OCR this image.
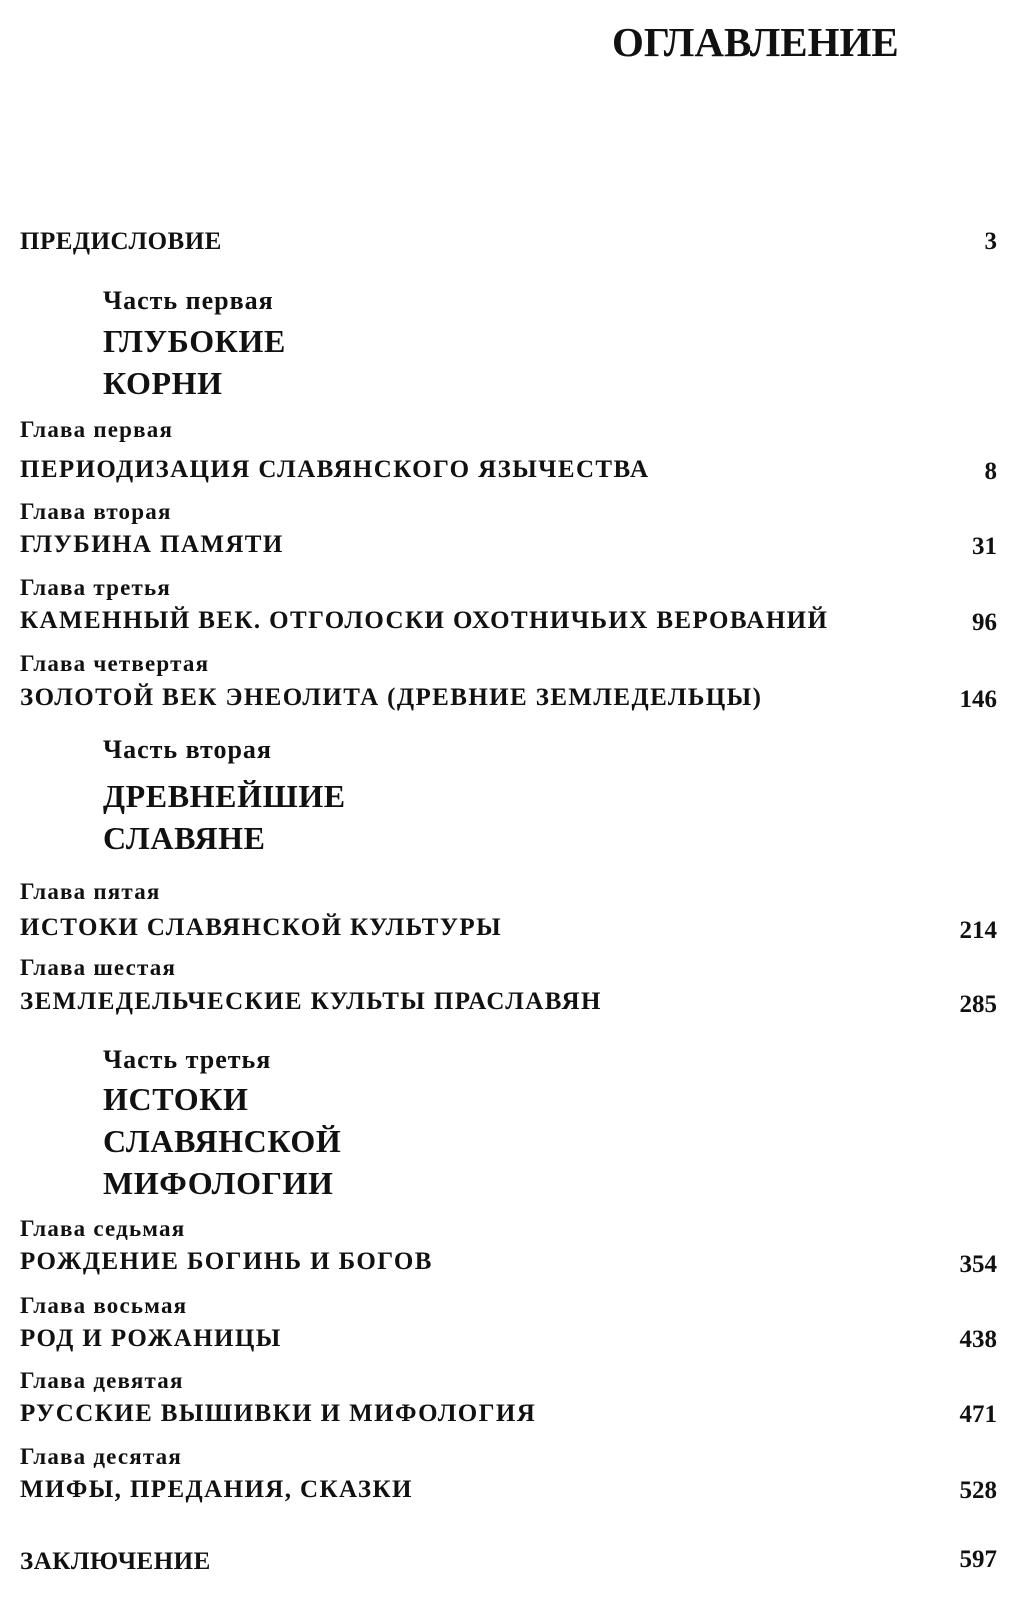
ОГЛАВЛЕНИЕ
ПРЕДИСЛОВИЕ	3
Часть первая
ГЛУБОКИЕ
КОРНИ
Глава первая
ПЕРИОДИЗАЦИЯ СЛАВЯНСКОГО ЯЗЫЧЕСТВА	8
Глава вторая
ГЛУБИНА ПАМЯТИ	31
Глава третья
КАМЕННЫЙ ВЕК. ОТГОЛОСКИ ОХОТНИЧЬИХ ВЕРОВАНИЙ	96
Глава четвертая
ЗОЛОТОЙ ВЕК ЭНЕОЛИТА (ДРЕВНИЕ ЗЕМЛЕДЕЛЬЦЫ)	146
Часть вторая
ДРЕВНЕЙШИЕ
СЛАВЯНЕ
Глава пятая
ИСТОКИ СЛАВЯНСКОЙ КУЛЬТУРЫ	214
Глава шестая
ЗЕМЛЕДЕЛЬЧЕСКИЕ КУЛЬТЫ ПРАСЛАВЯН	285
Часть третья
ИСТОКИ
СЛАВЯНСКОЙ
МИФОЛОГИИ
Глава седьмая
РОЖДЕНИЕ БОГИНЬ И БОГОВ	354
Глава восьмая
РОД И РОЖАНИЦЫ	438
Глава девятая
РУССКИЕ ВЫШИВКИ И МИФОЛОГИЯ	471
Глава десятая
МИФЫ, ПРЕДАНИЯ, СКАЗКИ	528
ЗАКЛЮЧЕНИЕ	597
